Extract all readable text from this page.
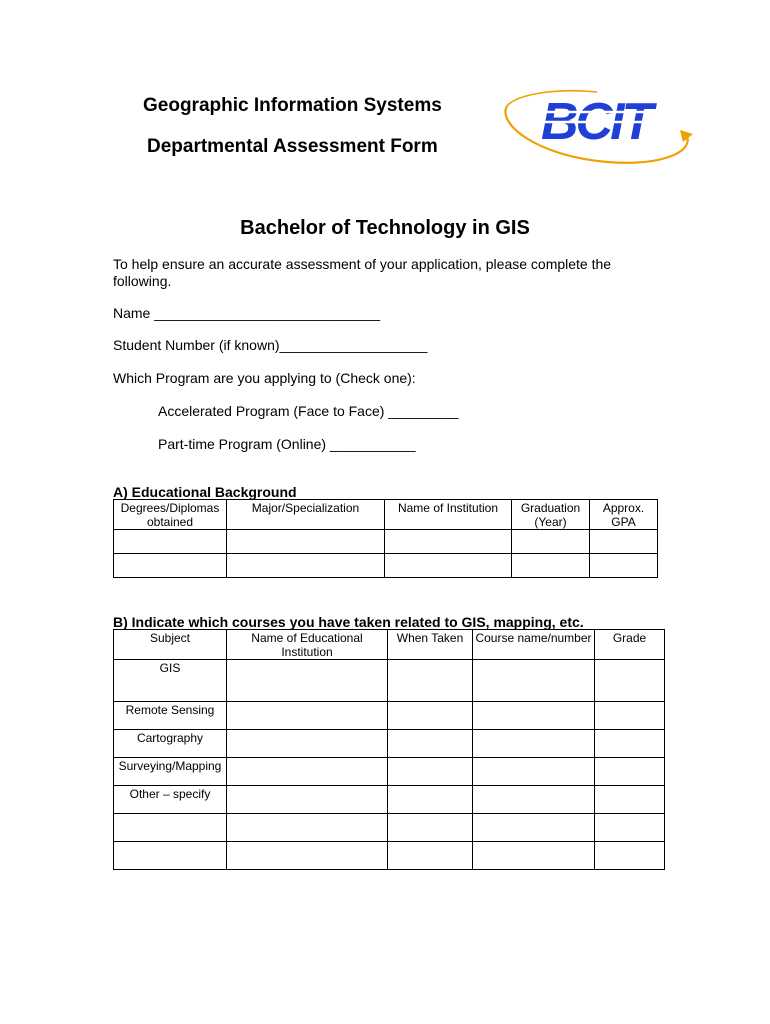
Geographic Information Systems
Departmental Assessment Form BCIT
Bachelor of Technology in GIS
To help ensure an accurate assessment of your application, please complete the following.
Name _____________________________
Student Number (if known)___________________
Which Program are you applying to (Check one):
Accelerated Program (Face to Face) _________
Part-time Program (Online) ___________
A) Educational Background
Degrees/Diplomas obtained	Major/Specialization	Name of Institution	Graduation (Year)	Approx. GPA

B) Indicate which courses you have taken related to GIS, mapping, etc.
Subject	Name of Educational Institution	When Taken	Course name/number	Grade
GIS				
Remote Sensing				
Cartography				
Surveying/Mapping				
Other – specify				
